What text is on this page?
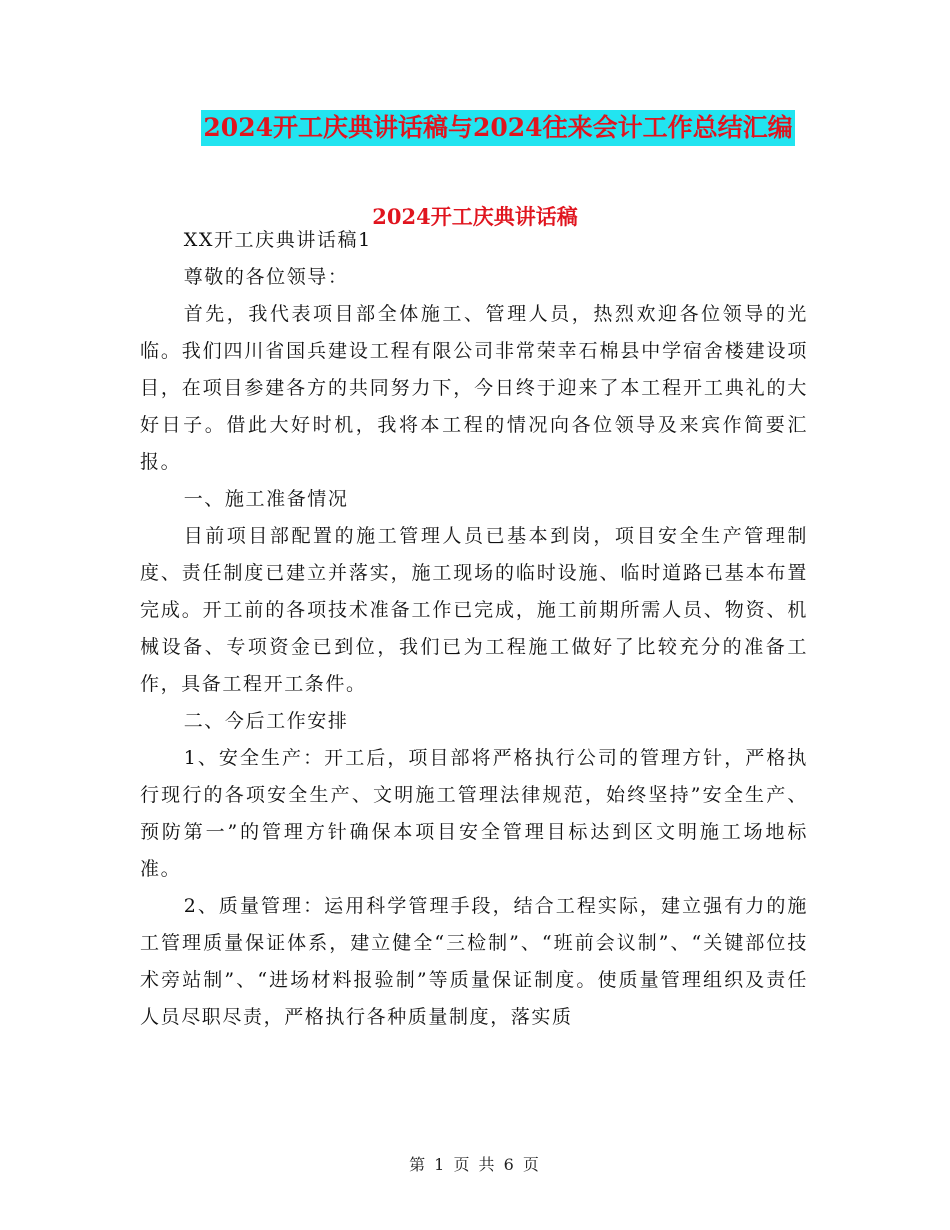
2024开工庆典讲话稿与2024往来会计工作总结汇编
2024开工庆典讲话稿

XX开工庆典讲话稿1

尊敬的各位领导：

首先，我代表项目部全体施工、管理人员，热烈欢迎各位领导的光临。我们四川省国兵建设工程有限公司非常荣幸石棉县中学宿舍楼建设项目，在项目参建各方的共同努力下，今日终于迎来了本工程开工典礼的大好日子。借此大好时机，我将本工程的情况向各位领导及来宾作简要汇报。

一、施工准备情况

目前项目部配置的施工管理人员已基本到岗，项目安全生产管理制度、责任制度已建立并落实，施工现场的临时设施、临时道路已基本布置完成。开工前的各项技术准备工作已完成，施工前期所需人员、物资、机械设备、专项资金已到位，我们已为工程施工做好了比较充分的准备工作，具备工程开工条件。

二、今后工作安排

1、安全生产：开工后，项目部将严格执行公司的管理方针，严格执行现行的各项安全生产、文明施工管理法律规范，始终坚持”安全生产、预防第一”的管理方针确保本项目安全管理目标达到区文明施工场地标准。

2、质量管理：运用科学管理手段，结合工程实际，建立强有力的施工管理质量保证体系，建立健全“三检制”、“班前会议制”、“关键部位技术旁站制”、“进场材料报验制”等质量保证制度。使质量管理组织及责任人员尽职尽责，严格执行各种质量制度，落实质

第 1 页 共 6 页
